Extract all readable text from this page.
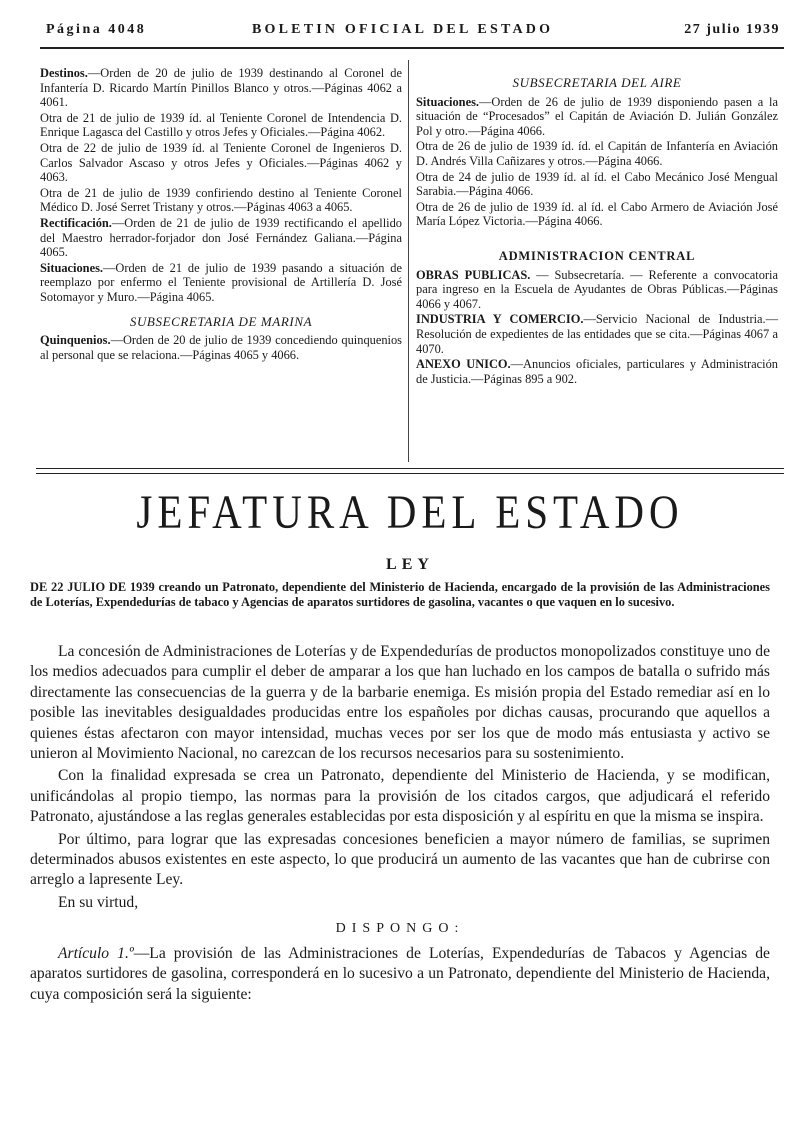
Página 4048	BOLETIN OFICIAL DEL ESTADO	27 julio 1939
Destinos.—Orden de 20 de julio de 1939 destinando al Coronel de Infantería D. Ricardo Martín Pinillos Blanco y otros.—Páginas 4062 a 4061.
Otra de 21 de julio de 1939 íd. al Teniente Coronel de Intendencia D. Enrique Lagasca del Castillo y otros Jefes y Oficiales.—Página 4062.
Otra de 22 de julio de 1939 íd. al Teniente Coronel de Ingenieros D. Carlos Salvador Ascaso y otros Jefes y Oficiales.—Páginas 4062 y 4063.
Otra de 21 de julio de 1939 confiriendo destino al Teniente Coronel Médico D. José Serret Tristany y otros.—Páginas 4063 a 4065.
Rectificación.—Orden de 21 de julio de 1939 rectificando el apellido del Maestro herrador-forjador don José Fernández Galiana.—Página 4065.
Situaciones.—Orden de 21 de julio de 1939 pasando a situación de reemplazo por enfermo el Teniente provisional de Artillería D. José Sotomayor y Muro.—Página 4065.
SUBSECRETARIA DE MARINA
Quinquenios.—Orden de 20 de julio de 1939 concediendo quinquenios al personal que se relaciona.—Páginas 4065 y 4066.
SUBSECRETARIA DEL AIRE
Situaciones.—Orden de 26 de julio de 1939 disponiendo pasen a la situación de “Procesados” el Capitán de Aviación D. Julián González Pol y otro.—Página 4066.
Otra de 26 de julio de 1939 íd. íd. el Capitán de Infantería en Aviación D. Andrés Villa Cañizares y otros.—Página 4066.
Otra de 24 de julio de 1939 íd. al íd. el Cabo Mecánico José Mengual Sarabia.—Página 4066.
Otra de 26 de julio de 1939 íd. al íd. el Cabo Armero de Aviación José María López Victoria.—Página 4066.
ADMINISTRACION CENTRAL
OBRAS PUBLICAS. — Subsecretaría. — Referente a convocatoria para ingreso en la Escuela de Ayudantes de Obras Públicas.—Páginas 4066 y 4067.
INDUSTRIA Y COMERCIO.—Servicio Nacional de Industria.—Resolución de expedientes de las entidades que se cita.—Páginas 4067 a 4070.
ANEXO UNICO.—Anuncios oficiales, particulares y Administración de Justicia.—Páginas 895 a 902.
JEFATURA DEL ESTADO
LEY
DE 22 JULIO DE 1939 creando un Patronato, dependiente del Ministerio de Hacienda, encargado de la provisión de las Administraciones de Loterías, Expendedurías de tabaco y Agencias de aparatos surtidores de gasolina, vacantes o que vaquen en lo sucesivo.

La concesión de Administraciones de Loterías y de Expendedurías de productos monopolizados constituye uno de los medios adecuados para cumplir el deber de amparar a los que han luchado en los campos de batalla o sufrido más directamente las consecuencias de la guerra y de la barbarie enemiga. Es misión propia del Estado remediar así en lo posible las inevitables desigualdades producidas entre los españoles por dichas causas, procurando que aquellos a quienes éstas afectaron con mayor intensidad, muchas veces por ser los que de modo más entusiasta y activo se unieron al Movimiento Nacional, no carezcan de los recursos necesarios para su sostenimiento.

Con la finalidad expresada se crea un Patronato, dependiente del Ministerio de Hacienda, y se modifican, unificándolas al propio tiempo, las normas para la provisión de los citados cargos, que adjudicará el referido Patronato, ajustándose a las reglas generales establecidas por esta disposición y al espíritu en que la misma se inspira.

Por último, para lograr que las expresadas concesiones beneficien a mayor número de familias, se suprimen determinados abusos existentes en este aspecto, lo que producirá un aumento de las vacantes que han de cubrirse con arreglo a lapresente Ley.

En su virtud,

DISPONGO:

Artículo 1.º—La provisión de las Administraciones de Loterías, Expendedurías de Tabacos y Agencias de aparatos surtidores de gasolina, corresponderá en lo sucesivo a un Patronato, dependiente del Ministerio de Hacienda, cuya composición será la siguiente:
